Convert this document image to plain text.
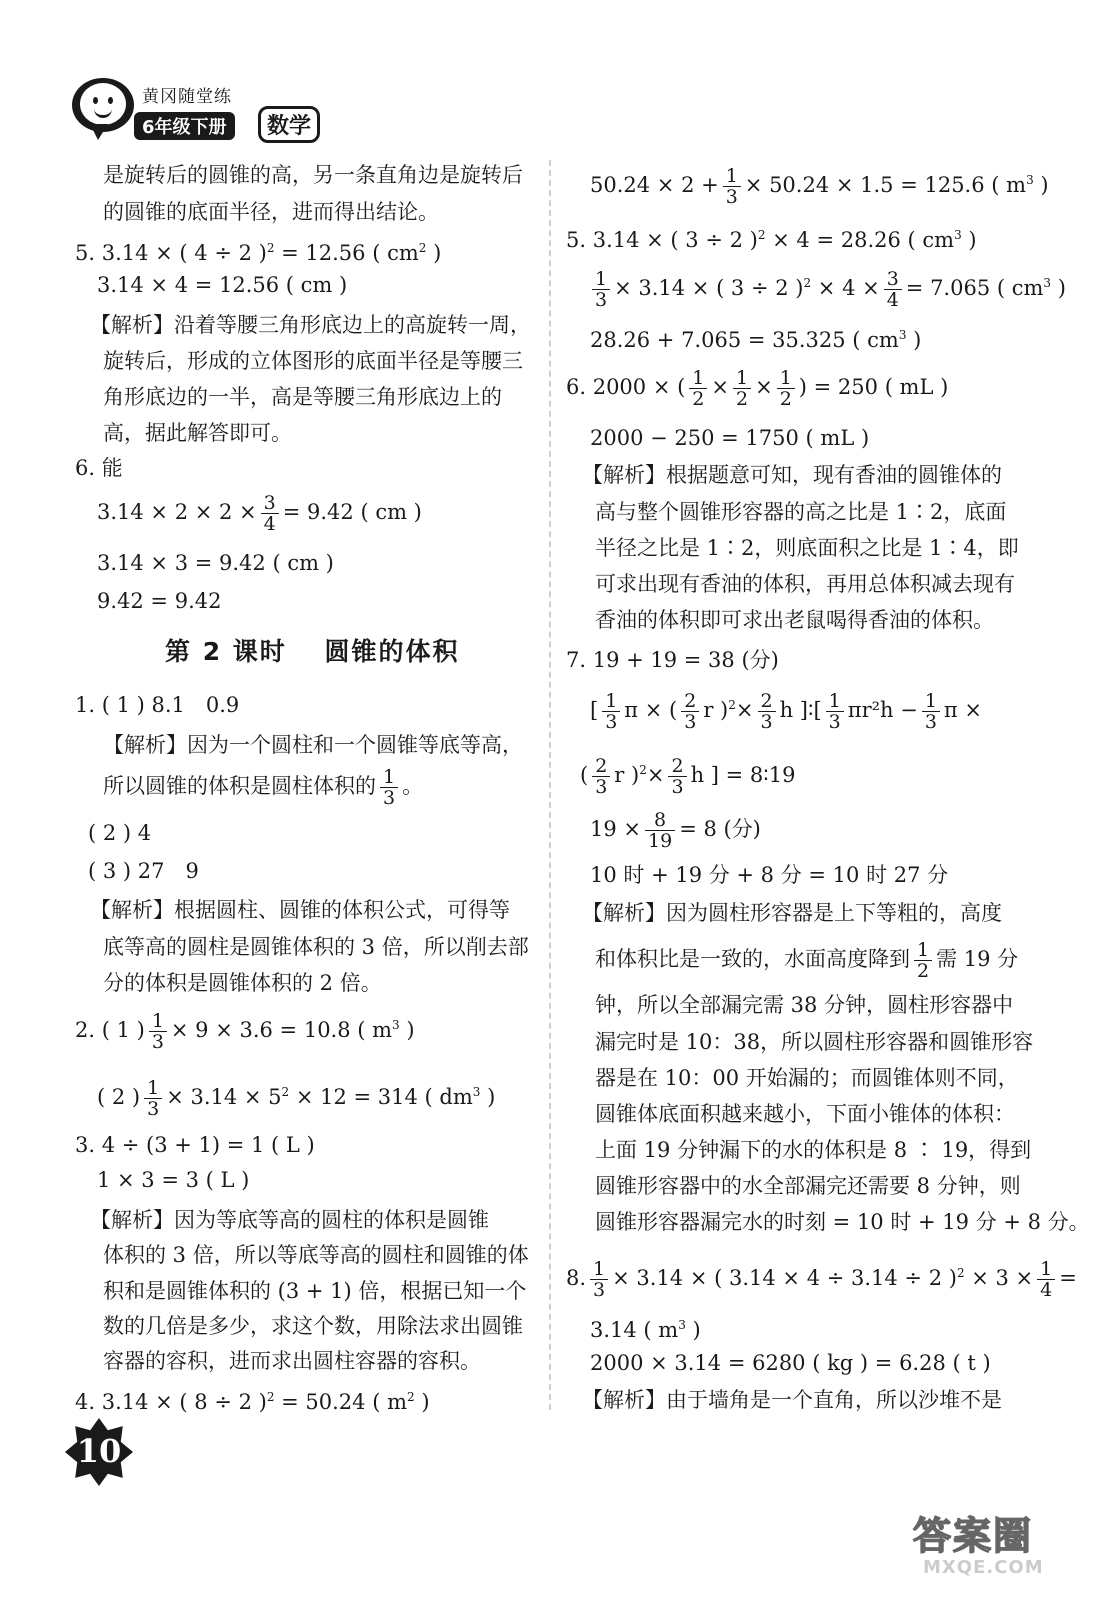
黄冈随堂练
6年级下册	数学
是旋转后的圆锥的高，另一条直角边是旋转后
的圆锥的底面半径，进而得出结论。
5. 3.14 × ( 4 ÷ 2 )$^2$ = 12.56 ( $cm^2$ )
3.14 × 4 = 12.56 ( cm )
【解析】沿着等腰三角形底边上的高旋转一周，
旋转后，形成的立体图形的底面半径是等腰三
角形底边的一半，高是等腰三角形底边上的
高，据此解答即可。
6. 能
$3.14 \times 2 \times 2 \times \frac{3}{4} = 9.42$ ( cm )
3.14 × 3 = 9.42 ( cm )
9.42 = 9.42
第 2 课时　 圆锥的体积
1. ( 1 ) 8.1　0.9
【解析】因为一个圆柱和一个圆锥等底等高，
所以圆锥的体积是圆柱体积的 $\frac{1}{3}$ 。
( 2 ) 4
( 3 ) 27　9
【解析】根据圆柱、圆锥的体积公式，可得等
底等高的圆柱是圆锥体积的 3 倍，所以削去部
分的体积是圆锥体积的 2 倍。
2. ( 1 ) $\frac{1}{3} \times 9 \times 3.6 = 10.8$ ( $m^3$ )
( 2 ) $\frac{1}{3} \times 3.14 \times 5^2 \times 12 = 314$ ( $dm^3$ )
3. 4 ÷ (3 + 1) = 1 ( L )
1 × 3 = 3 ( L )
【解析】因为等底等高的圆柱的体积是圆锥
体积的 3 倍，所以等底等高的圆柱和圆锥的体
积和是圆锥体积的 (3 + 1) 倍，根据已知一个
数的几倍是多少，求这个数，用除法求出圆锥
容器的容积，进而求出圆柱容器的容积。
4. 3.14 × ( 8 ÷ 2 )$^2$ = 50.24 ( $m^2$ )
$50.24 \times 2 + \frac{1}{3} \times 50.24 \times 1.5 = 125.6$ ( $m^3$ )
5. 3.14 × ( 3 ÷ 2 )$^2$ × 4 = 28.26 ( $cm^3$ )
$\frac{1}{3} \times 3.14$ × ( 3 ÷ 2 )$^2 \times 4 \times \frac{3}{4} = 7.065$ ( $cm^3$ )
28.26 + 7.065 = 35.325 ( $cm^3$ )
6. 2000 × ( $\frac{1}{2} \times \frac{1}{2} \times \frac{1}{2}$ ) = 250 ( mL )
2000 − 250 = 1750 ( mL )
【解析】根据题意可知，现有香油的圆锥体的
高与整个圆锥形容器的高之比是 1∶2，底面
半径之比是 1∶2，则底面积之比是 1∶4，即
可求出现有香油的体积，再用总体积减去现有
香油的体积即可求出老鼠喝得香油的体积。
7. 19 + 19 = 38 (分)
[ $\frac{1}{3}$ π × ( $\frac{2}{3}$ r )$^2\times \frac{2}{3}$ h ]∶[ $\frac{1}{3} \pi r^2h - \frac{1}{3}$ π ×
( $\frac{2}{3}$ r )$^2\times \frac{2}{3}$ h ] = 8∶19
$19 \times \frac{8}{19} = 8$ (分)
10 时 + 19 分 + 8 分 = 10 时 27 分
【解析】因为圆柱形容器是上下等粗的，高度
和体积比是一致的，水面高度降到 $\frac{1}{2}$ 需 19 分
钟，所以全部漏完需 38 分钟，圆柱形容器中
漏完时是 10：38，所以圆柱形容器和圆锥形容
器是在 10：00 开始漏的；而圆锥体则不同，
圆锥体底面积越来越小，下面小锥体的体积：
上面 19 分钟漏下的水的体积是 8 ∶ 19，得到
圆锥形容器中的水全部漏完还需要 8 分钟，则
圆锥形容器漏完水的时刻 = 10 时 + 19 分 + 8 分。
8. $\frac{1}{3} \times 3.14$ × ( 3.14 × 4 ÷ 3.14 ÷ 2 )$^2 \times 3 \times \frac{1}{4}$ =
3.14 ( $m^3$ )
2000 × 3.14 = 6280 ( kg ) = 6.28 ( t )
【解析】由于墙角是一个直角，所以沙堆不是
10
答案圈
MXQE.COM
